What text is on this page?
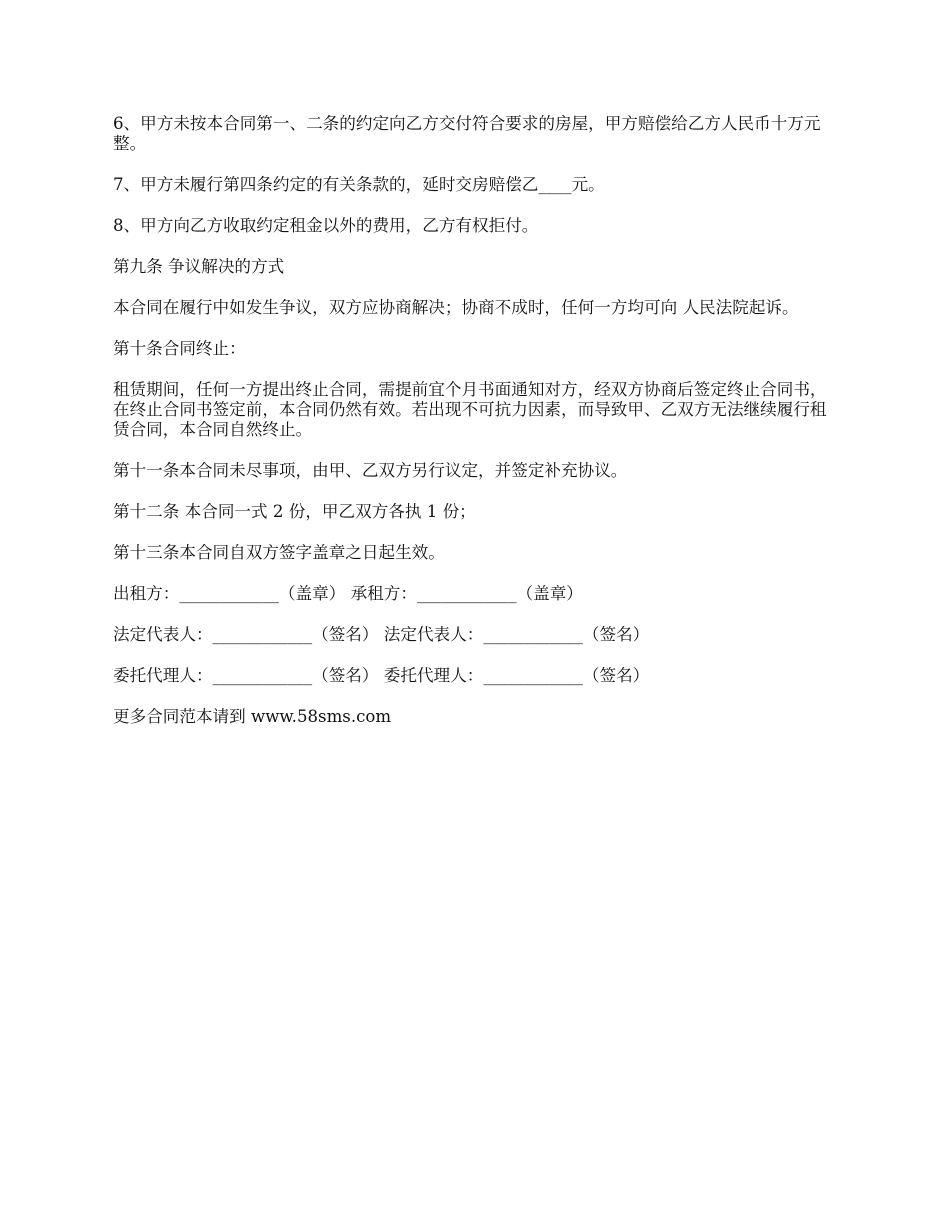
6、甲方未按本合同第一、二条的约定向乙方交付符合要求的房屋，甲方赔偿给乙方人民币十万元整。

7、甲方未履行第四条约定的有关条款的，延时交房赔偿乙____元。

8、甲方向乙方收取约定租金以外的费用，乙方有权拒付。

第九条 争议解决的方式

本合同在履行中如发生争议，双方应协商解决；协商不成时，任何一方均可向 人民法院起诉。

第十条合同终止：

租赁期间，任何一方提出终止合同，需提前宜个月书面通知对方，经双方协商后签定终止合同书，在终止合同书签定前，本合同仍然有效。若出现不可抗力因素，而导致甲、乙双方无法继续履行租赁合同，本合同自然终止。

第十一条本合同未尽事项，由甲、乙双方另行议定，并签定补充协议。

第十二条 本合同一式 2 份，甲乙双方各执 1 份；

第十三条本合同自双方签字盖章之日起生效。

出租方：____________（盖章） 承租方：____________（盖章）

法定代表人：____________（签名） 法定代表人：____________（签名）

委托代理人：____________（签名） 委托代理人：____________（签名）

更多合同范本请到 www.58sms.com
